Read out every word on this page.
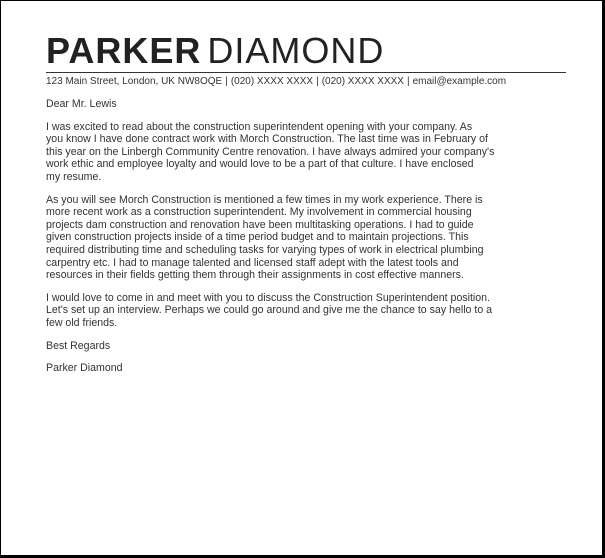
PARKER DIAMOND

123 Main Street, London, UK NW8OQE | (020) XXXX XXXX | (020) XXXX XXXX | email@example.com

Dear Mr. Lewis

I was excited to read about the construction superintendent opening with your company. As
you know I have done contract work with Morch Construction. The last time was in February of
this year on the Linbergh Community Centre renovation. I have always admired your company's
work ethic and employee loyalty and would love to be a part of that culture. I have enclosed
my resume.

As you will see Morch Construction is mentioned a few times in my work experience. There is
more recent work as a construction superintendent. My involvement in commercial housing
projects dam construction and renovation have been multitasking operations. I had to guide
given construction projects inside of a time period budget and to maintain projections. This
required distributing time and scheduling tasks for varying types of work in electrical plumbing
carpentry etc. I had to manage talented and licensed staff adept with the latest tools and
resources in their fields getting them through their assignments in cost effective manners.

I would love to come in and meet with you to discuss the Construction Superintendent position.
Let's set up an interview. Perhaps we could go around and give me the chance to say hello to a
few old friends.

Best Regards

Parker Diamond
